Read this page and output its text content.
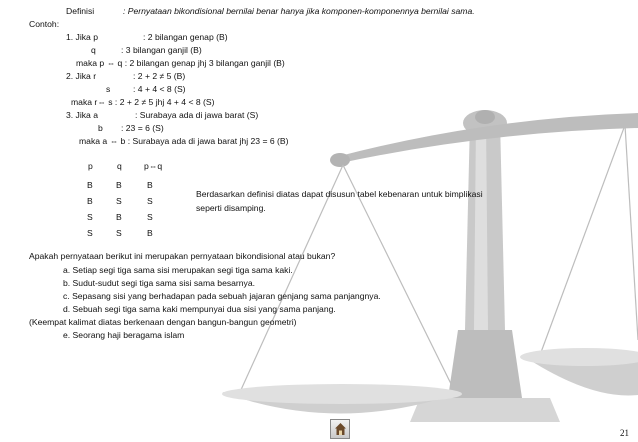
Definisi	: Pernyataan bikondisional bernilai benar hanya jika komponen-komponennya bernilai sama.
Contoh:
1. Jika p	: 2 bilangan genap (B)
q	: 3 bilangan ganjil (B)
maka p ⇔ q : 2 bilangan genap jhj 3 bilangan ganjil (B)
2. Jika r	: 2 + 2 ≠ 5 (B)
s	: 4 + 4 < 8 (S)
maka r⇔ s : 2 + 2 ≠ 5 jhj 4 + 4 < 8 (S)
3. Jika a	: Surabaya ada di jawa barat (S)
b : 23 = 6 (S)
maka a ⇔ b : Surabaya ada di jawa barat jhj 23 = 6 (B)
p	q	p⇔q
B	B	B
B	S	S
S	B	S
S	S	B
Berdasarkan definisi diatas dapat disusun tabel kebenaran untuk bimplikasi
seperti disamping.
Apakah pernyataan berikut ini merupakan pernyataan bikondisional atau bukan?
a. Setiap segi tiga sama sisi merupakan segi tiga sama kaki.
b. Sudut-sudut segi tiga sama sisi sama besarnya.
c. Sepasang sisi yang berhadapan pada sebuah jajaran genjang sama panjangnya.
d. Sebuah segi tiga sama kaki mempunyai dua sisi yang sama panjang.
(Keempat kalimat diatas berkenaan dengan bangun-bangun geometri)
e. Seorang haji beragama islam
21
